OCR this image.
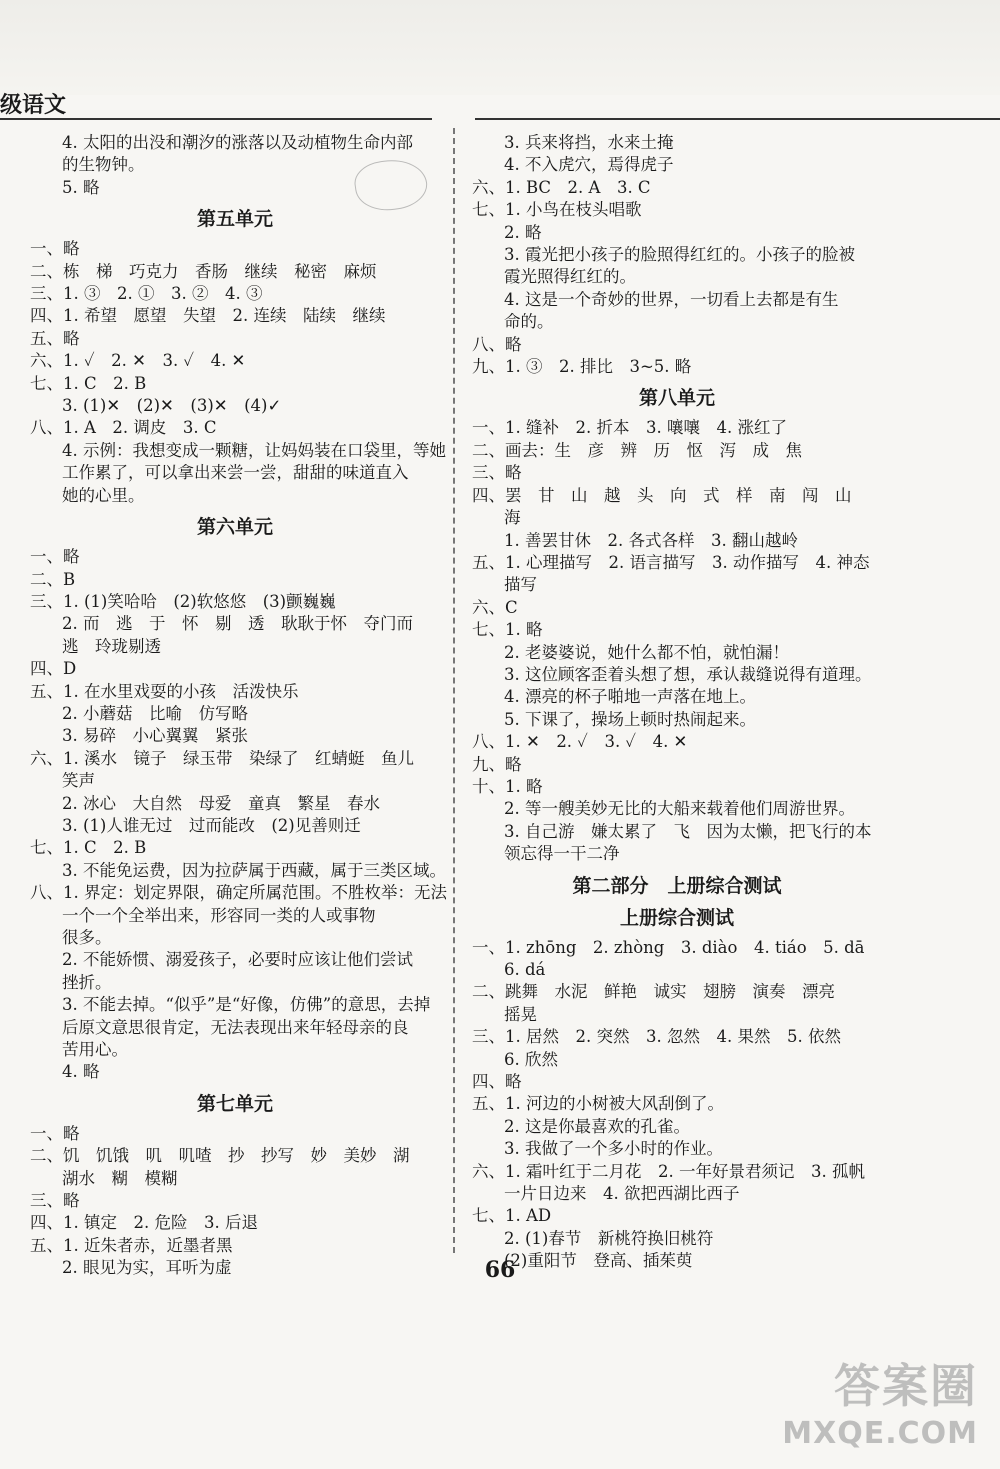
级语文
4. 太阳的出没和潮汐的涨落以及动植物生命内部
的生物钟。
5. 略
第五单元
一、略
二、栋　梯　巧克力　香肠　继续　秘密　麻烦
三、1. ③　2. ①　3. ②　4. ③
四、1. 希望　愿望　失望　2. 连续　陆续　继续
五、略
六、1. ✓　2. ✕　3. ✓　4. ✕
七、1. C　2. B
3. (1)✕　(2)✕　(3)✕　(4)✓
八、1. A　2. 调皮　3. C
4. 示例：我想变成一颗糖，让妈妈装在口袋里，等她
工作累了，可以拿出来尝一尝，甜甜的味道直入
她的心里。
第六单元
一、略
二、B
三、1. (1)笑哈哈　(2)软悠悠　(3)颤巍巍
2. 而　逃　于　怀　剔　透　耿耿于怀　夺门而
逃　玲珑剔透
四、D
五、1. 在水里戏耍的小孩　活泼快乐
2. 小蘑菇　比喻　仿写略
3. 易碎　小心翼翼　紧张
六、1. 溪水　镜子　绿玉带　染绿了　红蜻蜓　鱼儿
笑声
2. 冰心　大自然　母爱　童真　繁星　春水
3. (1)人谁无过　过而能改　(2)见善则迁
七、1. C　2. B
3. 不能免运费，因为拉萨属于西藏，属于三类区域。
八、1. 界定：划定界限，确定所属范围。不胜枚举：无法
一个一个全举出来，形容同一类的人或事物
很多。
2. 不能娇惯、溺爱孩子，必要时应该让他们尝试
挫折。
3. 不能去掉。“似乎”是“好像，仿佛”的意思，去掉
后原文意思很肯定，无法表现出来年轻母亲的良
苦用心。
4. 略
第七单元
一、略
二、饥　饥饿　叽　叽喳　抄　抄写　妙　美妙　湖
湖水　糊　模糊
三、略
四、1. 镇定　2. 危险　3. 后退
五、1. 近朱者赤，近墨者黑
2. 眼见为实，耳听为虚
3. 兵来将挡，水来土掩
4. 不入虎穴，焉得虎子
六、1. BC　2. A　3. C
七、1. 小鸟在枝头唱歌
2. 略
3. 霞光把小孩子的脸照得红红的。小孩子的脸被
霞光照得红红的。
4. 这是一个奇妙的世界，一切看上去都是有生
命的。
八、略
九、1. ③　2. 排比　3~5. 略
第八单元
一、1. 缝补　2. 折本　3. 嚷嚷　4. 涨红了
二、画去：生　彦　辨　历　怄　泻　成　焦
三、略
四、罢　甘　山　越　头　向　式　样　南　闯　山
海
1. 善罢甘休　2. 各式各样　3. 翻山越岭
五、1. 心理描写　2. 语言描写　3. 动作描写　4. 神态
描写
六、C
七、1. 略
2. 老婆婆说，她什么都不怕，就怕漏！
3. 这位顾客歪着头想了想，承认裁缝说得有道理。
4. 漂亮的杯子啪地一声落在地上。
5. 下课了，操场上顿时热闹起来。
八、1. ✕　2. ✓　3. ✓　4. ✕
九、略
十、1. 略
2. 等一艘美妙无比的大船来载着他们周游世界。
3. 自己游　嫌太累了　飞　因为太懒，把飞行的本
领忘得一干二净
第二部分　上册综合测试
上册综合测试
一、1. zhōng　2. zhòng　3. diào　4. tiáo　5. dā
6. dá
二、跳舞　水泥　鲜艳　诚实　翅膀　演奏　漂亮
摇晃
三、1. 居然　2. 突然　3. 忽然　4. 果然　5. 依然
6. 欣然
四、略
五、1. 河边的小树被大风刮倒了。
2. 这是你最喜欢的孔雀。
3. 我做了一个多小时的作业。
六、1. 霜叶红于二月花　2. 一年好景君须记　3. 孤帆
一片日边来　4. 欲把西湖比西子
七、1. AD
2. (1)春节　新桃符换旧桃符
(2)重阳节　登高、插茱萸
66
答案圈
MXQE.COM
